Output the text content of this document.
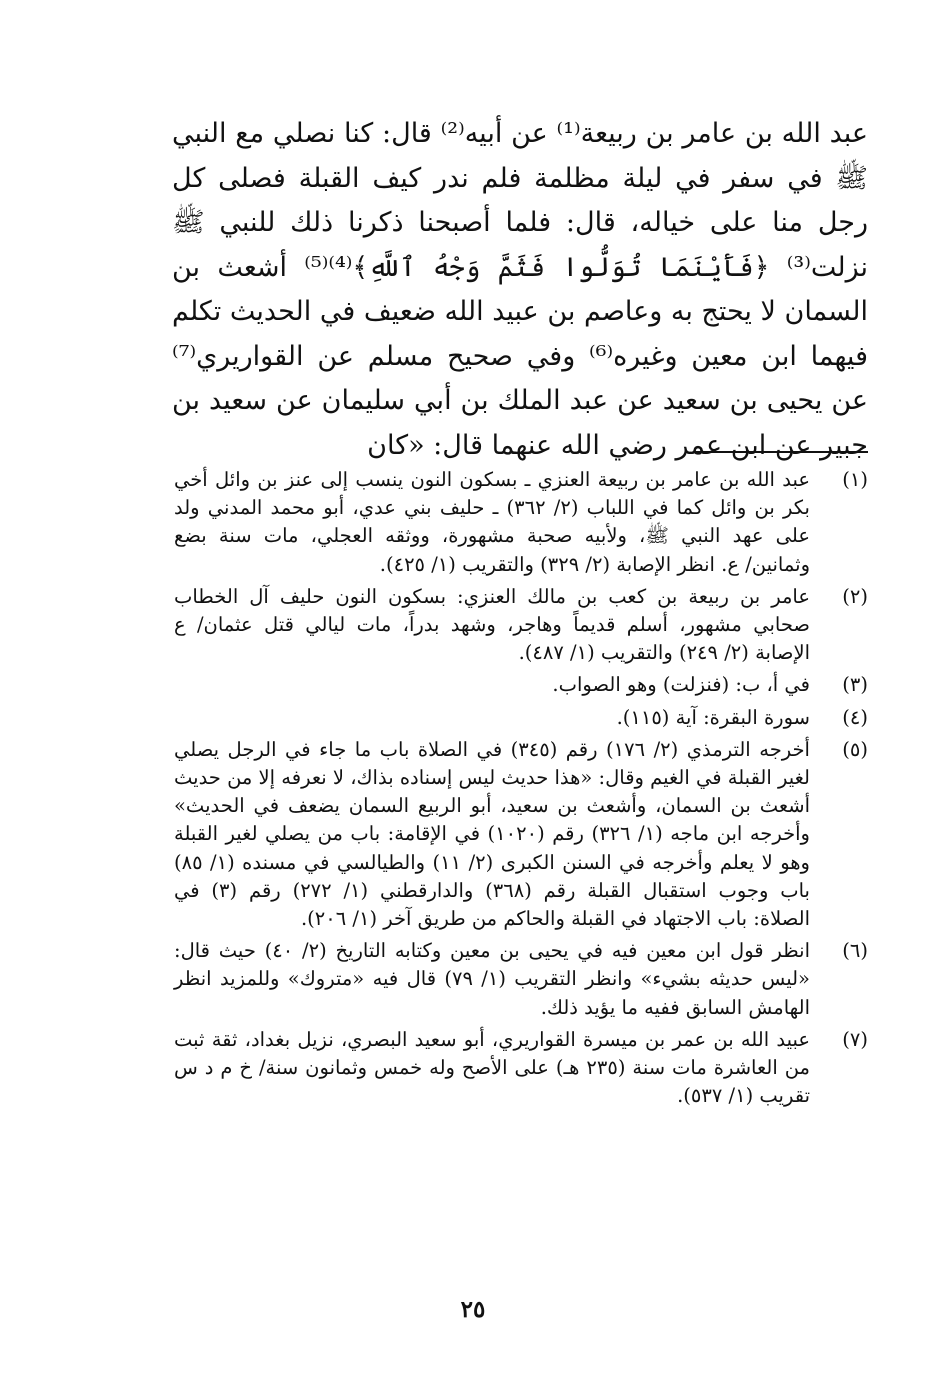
عبد الله بن عامر بن ربيعة⁽¹⁾ عن أبيه⁽²⁾ قال: كنا نصلي مع النبي ﷺ في سفر في ليلة مظلمة فلم ندر كيف القبلة فصلى كل رجل منا على خياله، قال: فلما أصبحنا ذكرنا ذلك للنبي ﷺ نزلت⁽³⁾ ﴿فَأَيْنَمَا تُوَلُّوا فَثَمَّ وَجْهُ ٱللَّهِ﴾⁽⁴⁾⁽⁵⁾ أشعث بن السمان لا يحتج به وعاصم بن عبيد الله ضعيف في الحديث تكلم فيهما ابن معين وغيره⁽⁶⁾ وفي صحيح مسلم عن القواريري⁽⁷⁾ عن يحيى بن سعيد عن عبد الملك بن أبي سليمان عن سعيد بن جبير عن ابن عمر رضي الله عنهما قال: «كان
(١)
عبد الله بن عامر بن ربيعة العنزي ـ بسكون النون ينسب إلى عنز بن وائل أخي بكر بن وائل كما في اللباب (٢/ ٣٦٢) ـ حليف بني عدي، أبو محمد المدني ولد على عهد النبي ﷺ، ولأبيه صحبة مشهورة، ووثقه العجلي، مات سنة بضع وثمانين/ ع. انظر الإصابة (٢/ ٣٢٩) والتقريب (١/ ٤٢٥).
(٢)
عامر بن ربيعة بن كعب بن مالك العنزي: بسكون النون حليف آل الخطاب صحابي مشهور، أسلم قديماً وهاجر، وشهد بدراً، مات ليالي قتل عثمان/ ع الإصابة (٢/ ٢٤٩) والتقريب (١/ ٤٨٧).
(٣)
في أ، ب: (فنزلت) وهو الصواب.
(٤)
سورة البقرة: آية (١١٥).
(٥)
أخرجه الترمذي (٢/ ١٧٦) رقم (٣٤٥) في الصلاة باب ما جاء في الرجل يصلي لغير القبلة في الغيم وقال: «هذا حديث ليس إسناده بذاك، لا نعرفه إلا من حديث أشعث بن السمان، وأشعث بن سعيد، أبو الربيع السمان يضعف في الحديث» وأخرجه ابن ماجه (١/ ٣٢٦) رقم (١٠٢٠) في الإقامة: باب من يصلي لغير القبلة وهو لا يعلم وأخرجه في السنن الكبرى (٢/ ١١) والطيالسي في مسنده (١/ ٨٥) باب وجوب استقبال القبلة رقم (٣٦٨) والدارقطني (١/ ٢٧٢) رقم (٣) في الصلاة: باب الاجتهاد في القبلة والحاكم من طريق آخر (١/ ٢٠٦).
(٦)
انظر قول ابن معين فيه في يحيى بن معين وكتابه التاريخ (٢/ ٤٠) حيث قال: «ليس حديثه بشيء» وانظر التقريب (١/ ٧٩) قال فيه «متروك» وللمزيد انظر الهامش السابق ففيه ما يؤيد ذلك.
(٧)
عبيد الله بن عمر بن ميسرة القواريري، أبو سعيد البصري، نزيل بغداد، ثقة ثبت من العاشرة مات سنة (٢٣٥ هـ) على الأصح وله خمس وثمانون سنة/ خ م د س تقريب (١/ ٥٣٧).
٢٥
